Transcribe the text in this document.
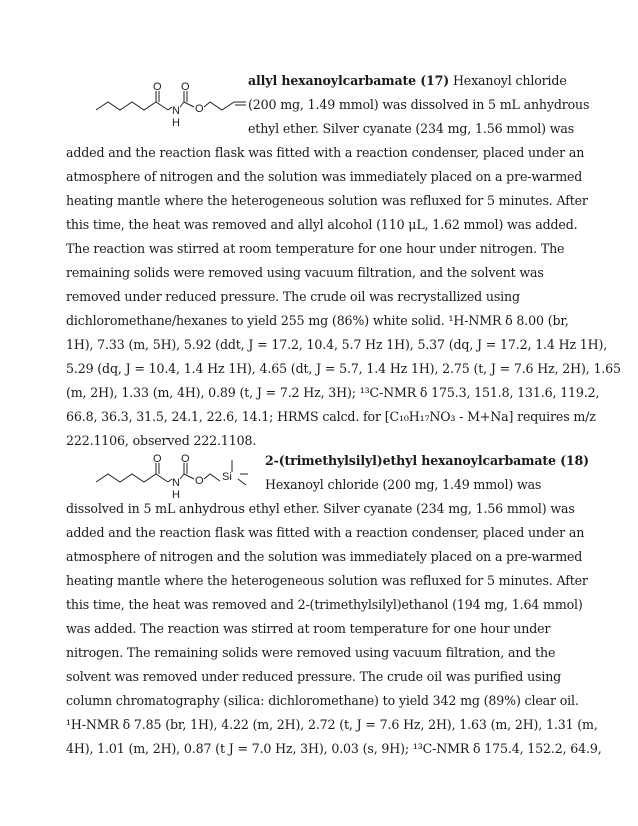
O O
N
H
O
allyl hexanoylcarbamate (17) Hexanoyl chloride
(200 mg, 1.49 mmol) was dissolved in 5 mL anhydrous
ethyl ether. Silver cyanate (234 mg, 1.56 mmol) was
added and the reaction flask was fitted with a reaction condenser, placed under an
atmosphere of nitrogen and the solution was immediately placed on a pre-warmed
heating mantle where the heterogeneous solution was refluxed for 5 minutes. After
this time, the heat was removed and allyl alcohol (110 μL, 1.62 mmol) was added.
The reaction was stirred at room temperature for one hour under nitrogen. The
remaining solids were removed using vacuum filtration, and the solvent was
removed under reduced pressure. The crude oil was recrystallized using
dichloromethane/hexanes to yield 255 mg (86%) white solid. ¹H-NMR δ 8.00 (br,
1H), 7.33 (m, 5H), 5.92 (ddt, J = 17.2, 10.4, 5.7 Hz 1H), 5.37 (dq, J = 17.2, 1.4 Hz 1H),
5.29 (dq, J = 10.4, 1.4 Hz 1H), 4.65 (dt, J = 5.7, 1.4 Hz 1H), 2.75 (t, J = 7.6 Hz, 2H), 1.65
(m, 2H), 1.33 (m, 4H), 0.89 (t, J = 7.2 Hz, 3H); ¹³C-NMR δ 175.3, 151.8, 131.6, 119.2,
66.8, 36.3, 31.5, 24.1, 22.6, 14.1; HRMS calcd. for [C₁₀H₁₇NO₃ - M+Na] requires m/z
222.1106, observed 222.1108.
O O
N
H
O Si
2-(trimethylsilyl)ethyl hexanoylcarbamate (18)
Hexanoyl chloride (200 mg, 1.49 mmol) was
dissolved in 5 mL anhydrous ethyl ether. Silver cyanate (234 mg, 1.56 mmol) was
added and the reaction flask was fitted with a reaction condenser, placed under an
atmosphere of nitrogen and the solution was immediately placed on a pre-warmed
heating mantle where the heterogeneous solution was refluxed for 5 minutes. After
this time, the heat was removed and 2-(trimethylsilyl)ethanol (194 mg, 1.64 mmol)
was added. The reaction was stirred at room temperature for one hour under
nitrogen. The remaining solids were removed using vacuum filtration, and the
solvent was removed under reduced pressure. The crude oil was purified using
column chromatography (silica: dichloromethane) to yield 342 mg (89%) clear oil.
¹H-NMR δ 7.85 (br, 1H), 4.22 (m, 2H), 2.72 (t, J = 7.6 Hz, 2H), 1.63 (m, 2H), 1.31 (m,
4H), 1.01 (m, 2H), 0.87 (t J = 7.0 Hz, 3H), 0.03 (s, 9H); ¹³C-NMR δ 175.4, 152.2, 64.9,
